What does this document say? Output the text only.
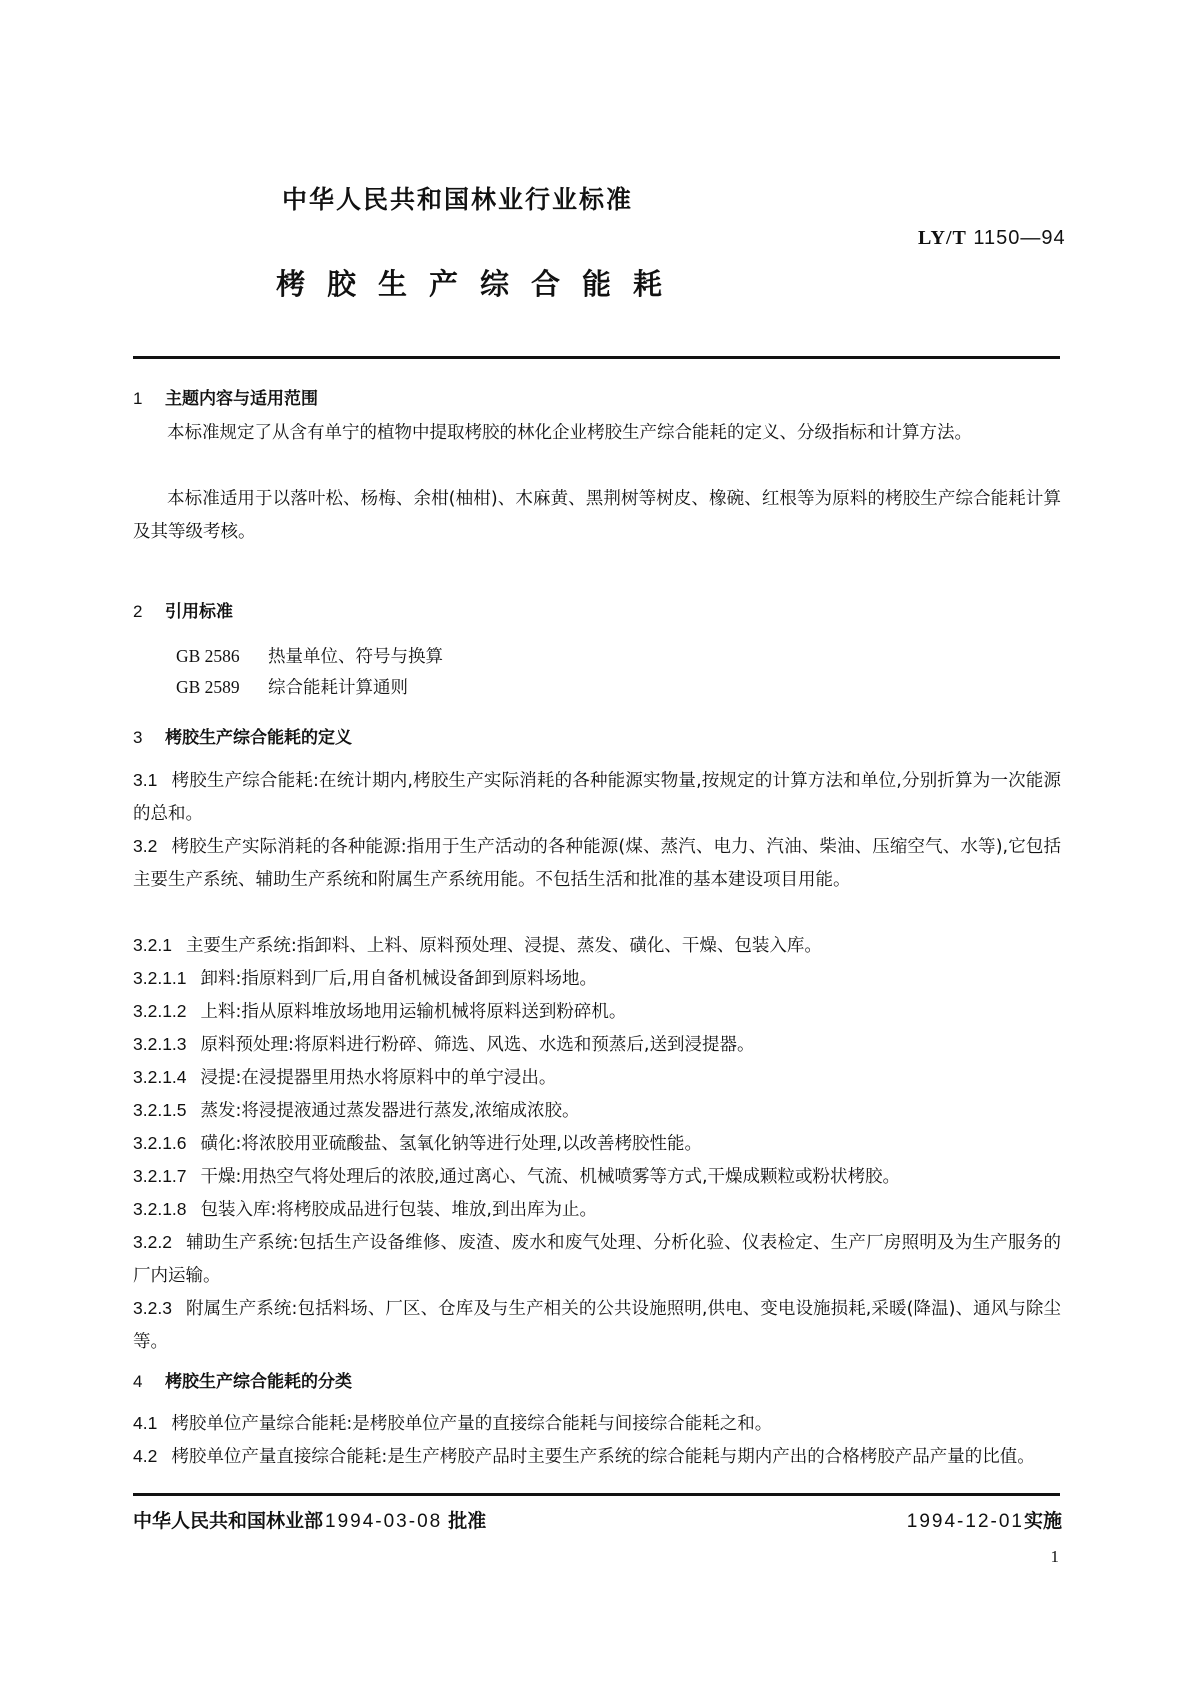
中华人民共和国林业行业标准
LY/T 1150—94
栲胶生产综合能耗
1 主题内容与适用范围
本标准规定了从含有单宁的植物中提取栲胶的林化企业栲胶生产综合能耗的定义、分级指标和计算方法。
本标准适用于以落叶松、杨梅、余柑(柚柑)、木麻黄、黑荆树等树皮、橡碗、红根等为原料的栲胶生产综合能耗计算及其等级考核。
2 引用标准
GB 2586 热量单位、符号与换算
GB 2589 综合能耗计算通则
3 栲胶生产综合能耗的定义
3.1 栲胶生产综合能耗:在统计期内,栲胶生产实际消耗的各种能源实物量,按规定的计算方法和单位,分别折算为一次能源的总和。
3.2 栲胶生产实际消耗的各种能源:指用于生产活动的各种能源(煤、蒸汽、电力、汽油、柴油、压缩空气、水等),它包括主要生产系统、辅助生产系统和附属生产系统用能。不包括生活和批准的基本建设项目用能。
3.2.1 主要生产系统:指卸料、上料、原料预处理、浸提、蒸发、磺化、干燥、包装入库。
3.2.1.1 卸料:指原料到厂后,用自备机械设备卸到原料场地。
3.2.1.2 上料:指从原料堆放场地用运输机械将原料送到粉碎机。
3.2.1.3 原料预处理:将原料进行粉碎、筛选、风选、水选和预蒸后,送到浸提器。
3.2.1.4 浸提:在浸提器里用热水将原料中的单宁浸出。
3.2.1.5 蒸发:将浸提液通过蒸发器进行蒸发,浓缩成浓胶。
3.2.1.6 磺化:将浓胶用亚硫酸盐、氢氧化钠等进行处理,以改善栲胶性能。
3.2.1.7 干燥:用热空气将处理后的浓胶,通过离心、气流、机械喷雾等方式,干燥成颗粒或粉状栲胶。
3.2.1.8 包装入库:将栲胶成品进行包装、堆放,到出库为止。
3.2.2 辅助生产系统:包括生产设备维修、废渣、废水和废气处理、分析化验、仪表检定、生产厂房照明及为生产服务的厂内运输。
3.2.3 附属生产系统:包括料场、厂区、仓库及与生产相关的公共设施照明,供电、变电设施损耗,采暖(降温)、通风与除尘等。
4 栲胶生产综合能耗的分类
4.1 栲胶单位产量综合能耗:是栲胶单位产量的直接综合能耗与间接综合能耗之和。
4.2 栲胶单位产量直接综合能耗:是生产栲胶产品时主要生产系统的综合能耗与期内产出的合格栲胶产品产量的比值。
中华人民共和国林业部 1994-03-08 批准	1994-12-01实施
1
